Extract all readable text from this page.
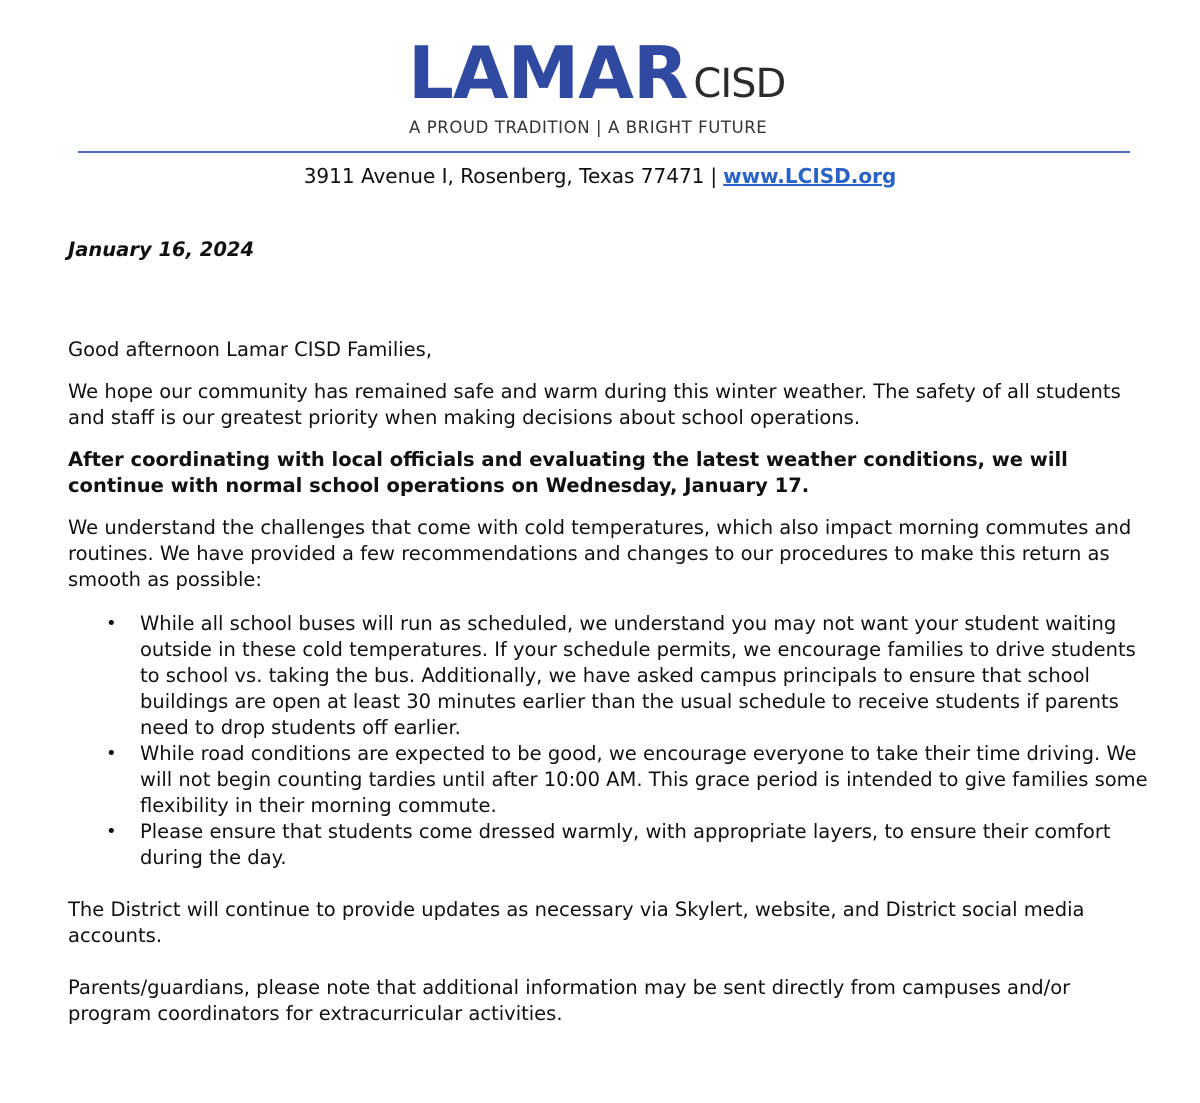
LAMAR CISD
A PROUD TRADITION | A BRIGHT FUTURE
3911 Avenue I, Rosenberg, Texas 77471 | www.LCISD.org

January 16, 2024

Good afternoon Lamar CISD Families,

We hope our community has remained safe and warm during this winter weather. The safety of all students and staff is our greatest priority when making decisions about school operations.

After coordinating with local officials and evaluating the latest weather conditions, we will continue with normal school operations on Wednesday, January 17.

We understand the challenges that come with cold temperatures, which also impact morning commutes and routines. We have provided a few recommendations and changes to our procedures to make this return as smooth as possible:

• While all school buses will run as scheduled, we understand you may not want your student waiting outside in these cold temperatures. If your schedule permits, we encourage families to drive students to school vs. taking the bus. Additionally, we have asked campus principals to ensure that school buildings are open at least 30 minutes earlier than the usual schedule to receive students if parents need to drop students off earlier.
• While road conditions are expected to be good, we encourage everyone to take their time driving. We will not begin counting tardies until after 10:00 AM. This grace period is intended to give families some flexibility in their morning commute.
• Please ensure that students come dressed warmly, with appropriate layers, to ensure their comfort during the day.

The District will continue to provide updates as necessary via Skylert, website, and District social media accounts.

Parents/guardians, please note that additional information may be sent directly from campuses and/or program coordinators for extracurricular activities.
